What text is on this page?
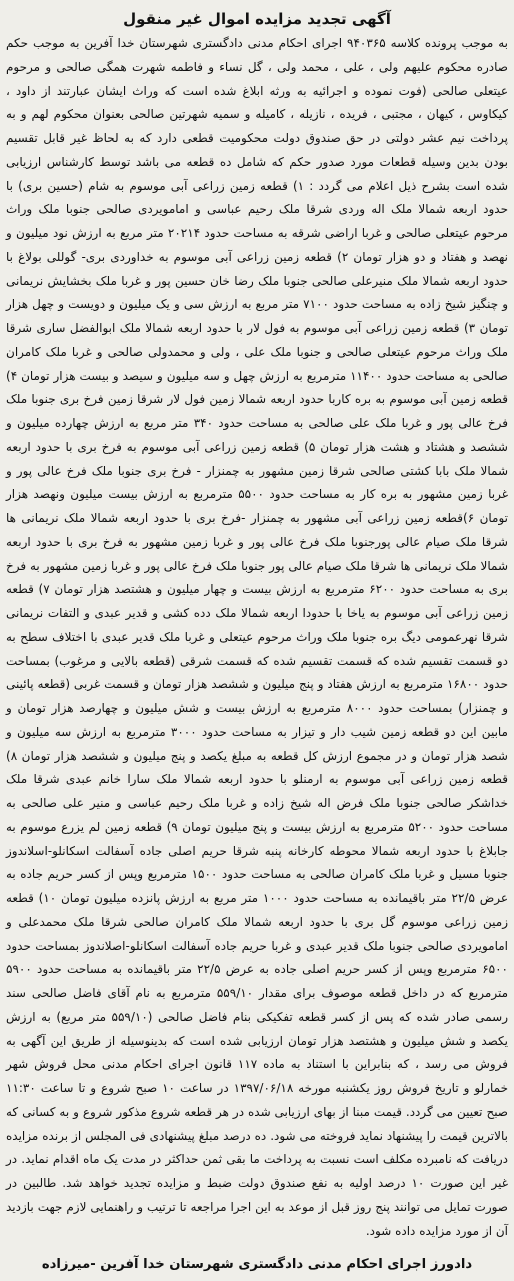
آگهی تجدید مزایده اموال غیر منقول

به موجب پرونده کلاسه ۹۴۰۳۶۵ اجرای احکام مدنی دادگستری شهرستان خدا آفرین به موجب حکم صادره محکوم علیهم ولی ، علی ، محمد ولی ، گل نساء و فاطمه شهرت همگی صالحی و مرحوم عیتعلی صالحی (فوت نموده و اجرائیه به ورثه ابلاغ شده است که وراث ایشان عبارتند از داود ، کیکاوس ، کیهان ، مجتبی ، فریده ، نازیله ، کامیله و سمیه شهرتین صالحی بعنوان محکوم لهم و به پرداخت نیم عشر دولتی در حق صندوق دولت محکومیت قطعی دارد که به لحاظ غیر قابل تقسیم بودن بدین وسیله قطعات مورد صدور حکم که شامل ده قطعه می باشد توسط کارشناس ارزیابی شده است بشرح ذیل اعلام می گردد : ۱) قطعه زمین زراعی آبی موسوم به شام (حسین بری) با حدود اربعه شمالا ملک اله وردی شرقا ملک رحیم عباسی و امامویردی صالحی جنوبا ملک وراث مرحوم عیتعلی صالحی و غربا اراضی شرقه به مساحت حدود ۲۰۲۱۴ متر مربع به ارزش نود میلیون و نهصد و هفتاد و دو هزار تومان ۲) قطعه زمین زراعی آبی موسوم به خداوردی بری- گوللی بولاغ با حدود اربعه شمالا ملک منیرعلی صالحی جنوبا ملک رضا خان حسین پور و غربا ملک بخشایش نریمانی و چنگیز شیخ زاده به مساحت حدود ۷۱۰۰ متر مربع به ارزش سی و یک میلیون و دویست و چهل هزار تومان ۳) قطعه زمین زراعی آبی موسوم به فول لار با حدود اربعه شمالا ملک ابوالفضل ساری شرقا ملک وراث مرحوم عیتعلی صالحی و جنوبا ملک علی ، ولی و محمدولی صالحی و غربا ملک کامران صالحی به مساحت حدود ۱۱۴۰۰ مترمربع به ارزش چهل و سه میلیون و سیصد و بیست هزار تومان ۴) قطعه زمین آبی موسوم به بره کاربا حدود اربعه شمالا زمین فول لار شرقا زمین فرخ بری جنوبا ملک فرخ عالی پور و غربا ملک علی صالحی به مساحت حدود ۳۴۰ متر مربع به ارزش چهارده میلیون و ششصد و هشتاد و هشت هزار تومان ۵) قطعه زمین زراعی آبی موسوم به فرخ بری با حدود اربعه شمالا ملک بابا کشتی صالحی شرقا زمین مشهور به چمنزار - فرخ بری جنوبا ملک فرخ عالی پور و غربا زمین مشهور به بره کار به مساحت حدود ۵۵۰۰ مترمربع به ارزش بیست میلیون ونهصد هزار تومان ۶)قطعه زمین زراعی آبی مشهور به چمنزار -فرخ بری با حدود اربعه شمالا ملک نریمانی ها شرقا ملک صیام عالی پورجنوبا ملک فرخ عالی پور و غربا زمین مشهور به فرخ بری با حدود اربعه شمالا ملک نریمانی ها شرقا ملک صیام عالی پور جنوبا ملک فرخ عالی پور و غربا زمین مشهور به فرخ بری به مساحت حدود ۶۲۰۰ مترمربع به ارزش بیست و چهار میلیون و هشتصد هزار تومان ۷) قطعه زمین زراعی آبی موسوم به یاخا با حدودا اربعه شمالا ملک دده کشی و قدیر عبدی و التفات نریمانی شرقا نهرعمومی دیگ بره جنوبا ملک وراث مرحوم عیتعلی و غربا ملک قدیر عبدی با اختلاف سطح به دو قسمت تقسیم شده که قسمت تقسیم شده که قسمت شرقی (قطعه بالایی و مرغوب) بمساحت حدود ۱۶۸۰۰ مترمربع به ارزش هفتاد و پنج میلیون و ششصد هزار تومان و قسمت غربی (قطعه پائینی و چمنزار) بمساحت حدود ۸۰۰۰ مترمربع به ارزش بیست و شش میلیون و چهارصد هزار تومان و مابین این دو قطعه زمین شیب دار و تیزار به مساحت حدود ۳۰۰۰ مترمربع به ارزش سه میلیون و شصد هزار تومان و در مجموع ارزش کل قطعه به مبلغ یکصد و پنج میلیون و ششصد هزار تومان ۸) قطعه زمین زراعی آبی موسوم به ارمنلو با حدود اربعه شمالا ملک سارا خانم عبدی شرقا ملک خداشکر صالحی جنوبا ملک فرض اله شیخ زاده و غربا ملک رحیم عباسی و منیر علی صالحی به مساحت حدود ۵۲۰۰ مترمربع به ارزش بیست و پنج میلیون تومان ۹) قطعه زمین لم یزرع موسوم به جابلاغ با حدود اربعه شمالا محوطه کارخانه پنبه شرقا حریم اصلی جاده آسفالت اسکانلو-اسلاندوز جنوبا مسیل و غربا ملک کامران صالحی به مساحت حدود ۱۵۰۰ مترمربع وپس از کسر حریم جاده به عرض ۲۲/۵ متر باقیمانده به مساحت حدود ۱۰۰۰ متر مربع به ارزش پانزده میلیون تومان ۱۰) قطعه زمین زراعی موسوم گل بری با حدود اربعه شمالا ملک کامران صالحی شرقا ملک محمدعلی و امامویردی صالحی جنوبا ملک قدیر عبدی و غربا حریم جاده آسفالت اسکانلو-اصلاندوز بمساحت حدود ۶۵۰۰ مترمربع وپس از کسر حریم اصلی جاده به عرض ۲۲/۵ متر باقیمانده به مساحت حدود ۵۹۰۰ مترمربع که در داخل قطعه موصوف برای مقدار ۵۵۹/۱۰ مترمربع به نام آقای فاضل صالحی سند رسمی صادر شده که پس از کسر قطعه تفکیکی بنام فاضل صالحی (۵۵۹/۱۰ متر مربع) به ارزش یکصد و شش میلیون و هشتصد هزار تومان ارزیابی شده است که بدینوسیله از طریق این آگهی به فروش می رسد ، که بنابراین با استناد به ماده ۱۱۷ قانون اجرای احکام مدنی محل فروش شهر خمارلو و تاریخ فروش روز یکشنبه مورخه ۱۳۹۷/۰۶/۱۸ در ساعت ۱۰ صبح شروع و تا ساعت ۱۱:۳۰ صبح تعیین می گردد. قیمت مبنا از بهای ارزیابی شده در هر قطعه شروع مذکور شروع و به کسانی که بالاترین قیمت را پیشنهاد نماید فروخته می شود. ده درصد مبلغ پیشنهادی فی المجلس از برنده مزایده دریافت که نامبرده مکلف است نسبت به پرداخت ما بقی ثمن حداکثر در مدت یک ماه اقدام نماید. در غیر این صورت ۱۰ درصد اولیه به نفع صندوق دولت ضبط و مزایده تجدید خواهد شد. طالبین در صورت تمایل می توانند پنج روز قبل از موعد به این اجرا مراجعه تا ترتیب و راهنمایی لازم جهت بازدید آن از مورد مزایده داده شود.

دادورز اجرای احکام مدنی دادگستری شهرستان خدا آفرین -میرزاده
